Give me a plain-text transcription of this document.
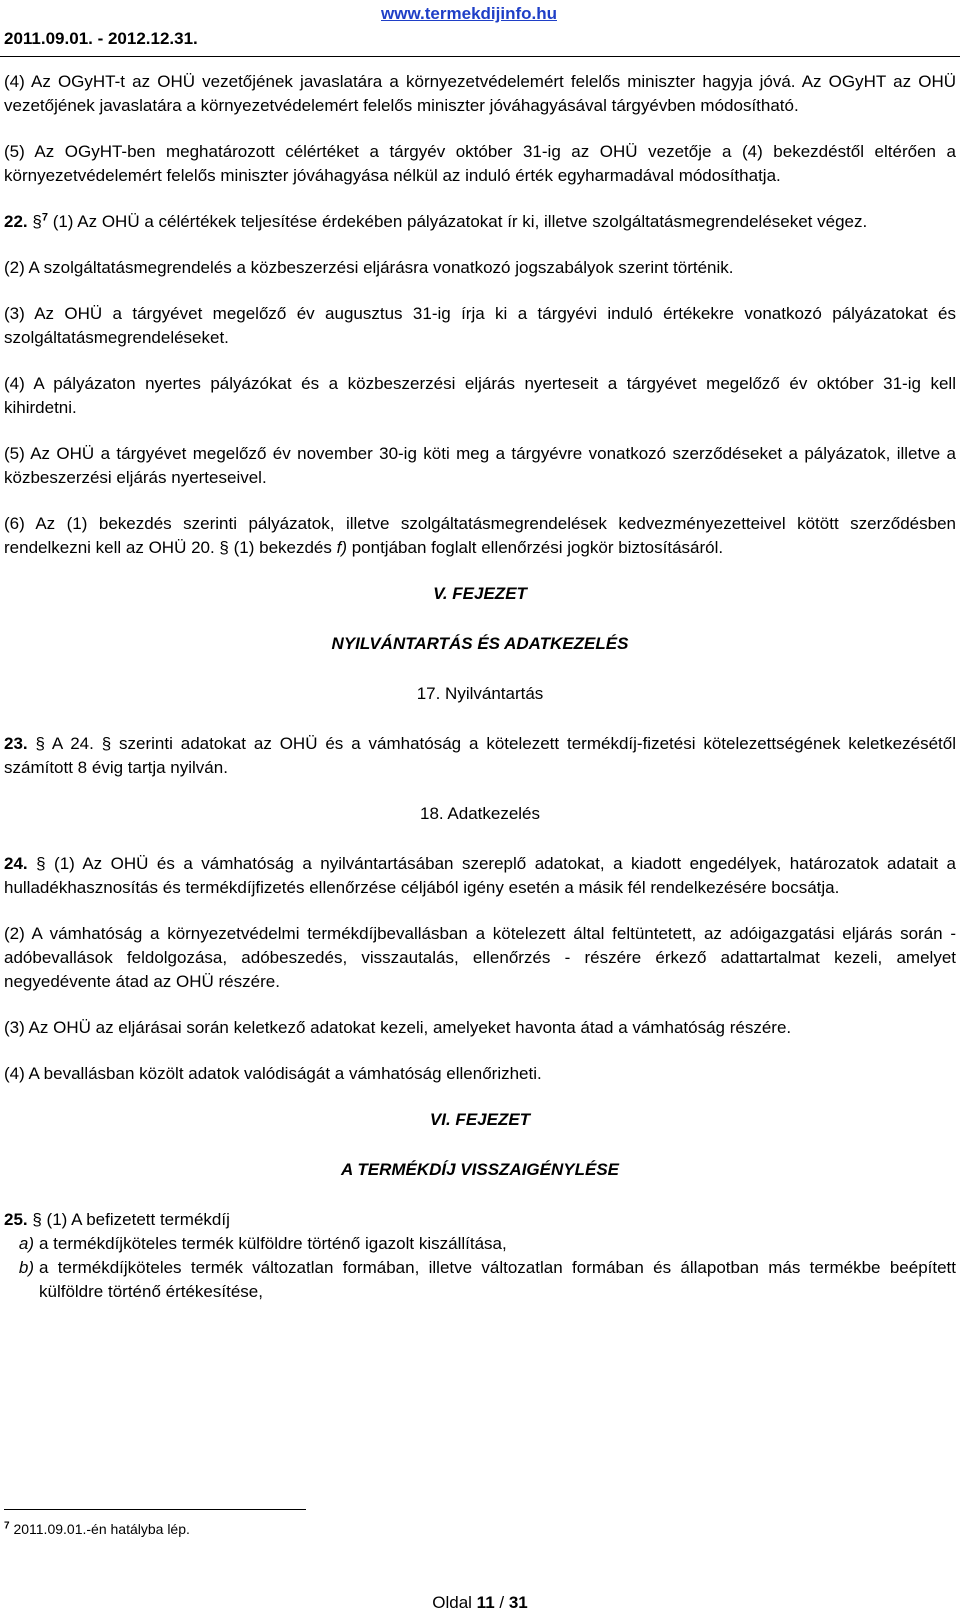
2011.09.01. - 2012.12.31.
www.termekdijinfo.hu

(4) Az OGyHT-t az OHÜ vezetőjének javaslatára a környezetvédelemért felelős miniszter hagyja jóvá. Az OGyHT az OHÜ vezetőjének javaslatára a környezetvédelemért felelős miniszter jóváhagyásával tárgyévben módosítható.

(5) Az OGyHT-ben meghatározott célértéket a tárgyév október 31-ig az OHÜ vezetője a (4) bekezdéstől eltérően a környezetvédelemért felelős miniszter jóváhagyása nélkül az induló érték egyharmadával módosíthatja.

22. §$^7$ (1) Az OHÜ a célértékek teljesítése érdekében pályázatokat ír ki, illetve szolgáltatásmegrendeléseket végez.

(2) A szolgáltatásmegrendelés a közbeszerzési eljárásra vonatkozó jogszabályok szerint történik.

(3) Az OHÜ a tárgyévet megelőző év augusztus 31-ig írja ki a tárgyévi induló értékekre vonatkozó pályázatokat és szolgáltatásmegrendeléseket.

(4) A pályázaton nyertes pályázókat és a közbeszerzési eljárás nyerteseit a tárgyévet megelőző év október 31-ig kell kihirdetni.

(5) Az OHÜ a tárgyévet megelőző év november 30-ig köti meg a tárgyévre vonatkozó szerződéseket a pályázatok, illetve a közbeszerzési eljárás nyerteseivel.

(6) Az (1) bekezdés szerinti pályázatok, illetve szolgáltatásmegrendelések kedvezményezetteivel kötött szerződésben rendelkezni kell az OHÜ 20. § (1) bekezdés f) pontjában foglalt ellenőrzési jogkör biztosításáról.

V. FEJEZET

NYILVÁNTARTÁS ÉS ADATKEZELÉS

17. Nyilvántartás

23. § A 24. § szerinti adatokat az OHÜ és a vámhatóság a kötelezett termékdíj-fizetési kötelezettségének keletkezésétől számított 8 évig tartja nyilván.

18. Adatkezelés

24. § (1) Az OHÜ és a vámhatóság a nyilvántartásában szereplő adatokat, a kiadott engedélyek, határozatok adatait a hulladékhasznosítás és termékdíjfizetés ellenőrzése céljából igény esetén a másik fél rendelkezésére bocsátja.

(2) A vámhatóság a környezetvédelmi termékdíjbevallásban a kötelezett által feltüntetett, az adóigazgatási eljárás során - adóbevallások feldolgozása, adóbeszedés, visszautalás, ellenőrzés - részére érkező adattartalmat kezeli, amelyet negyedévente átad az OHÜ részére.

(3) Az OHÜ az eljárásai során keletkező adatokat kezeli, amelyeket havonta átad a vámhatóság részére.

(4) A bevallásban közölt adatok valódiságát a vámhatóság ellenőrizheti.

VI. FEJEZET

A TERMÉKDÍJ VISSZAIGÉNYLÉSE

25. § (1) A befizetett termékdíj

a) a termékdíjköteles termék külföldre történő igazolt kiszállítása,
b) a termékdíjköteles termék változatlan formában, illetve változatlan formában és állapotban más termékbe beépített külföldre történő értékesítése,
$^7$ 2011.09.01.-én hatályba lép.
Oldal 11 / 31
